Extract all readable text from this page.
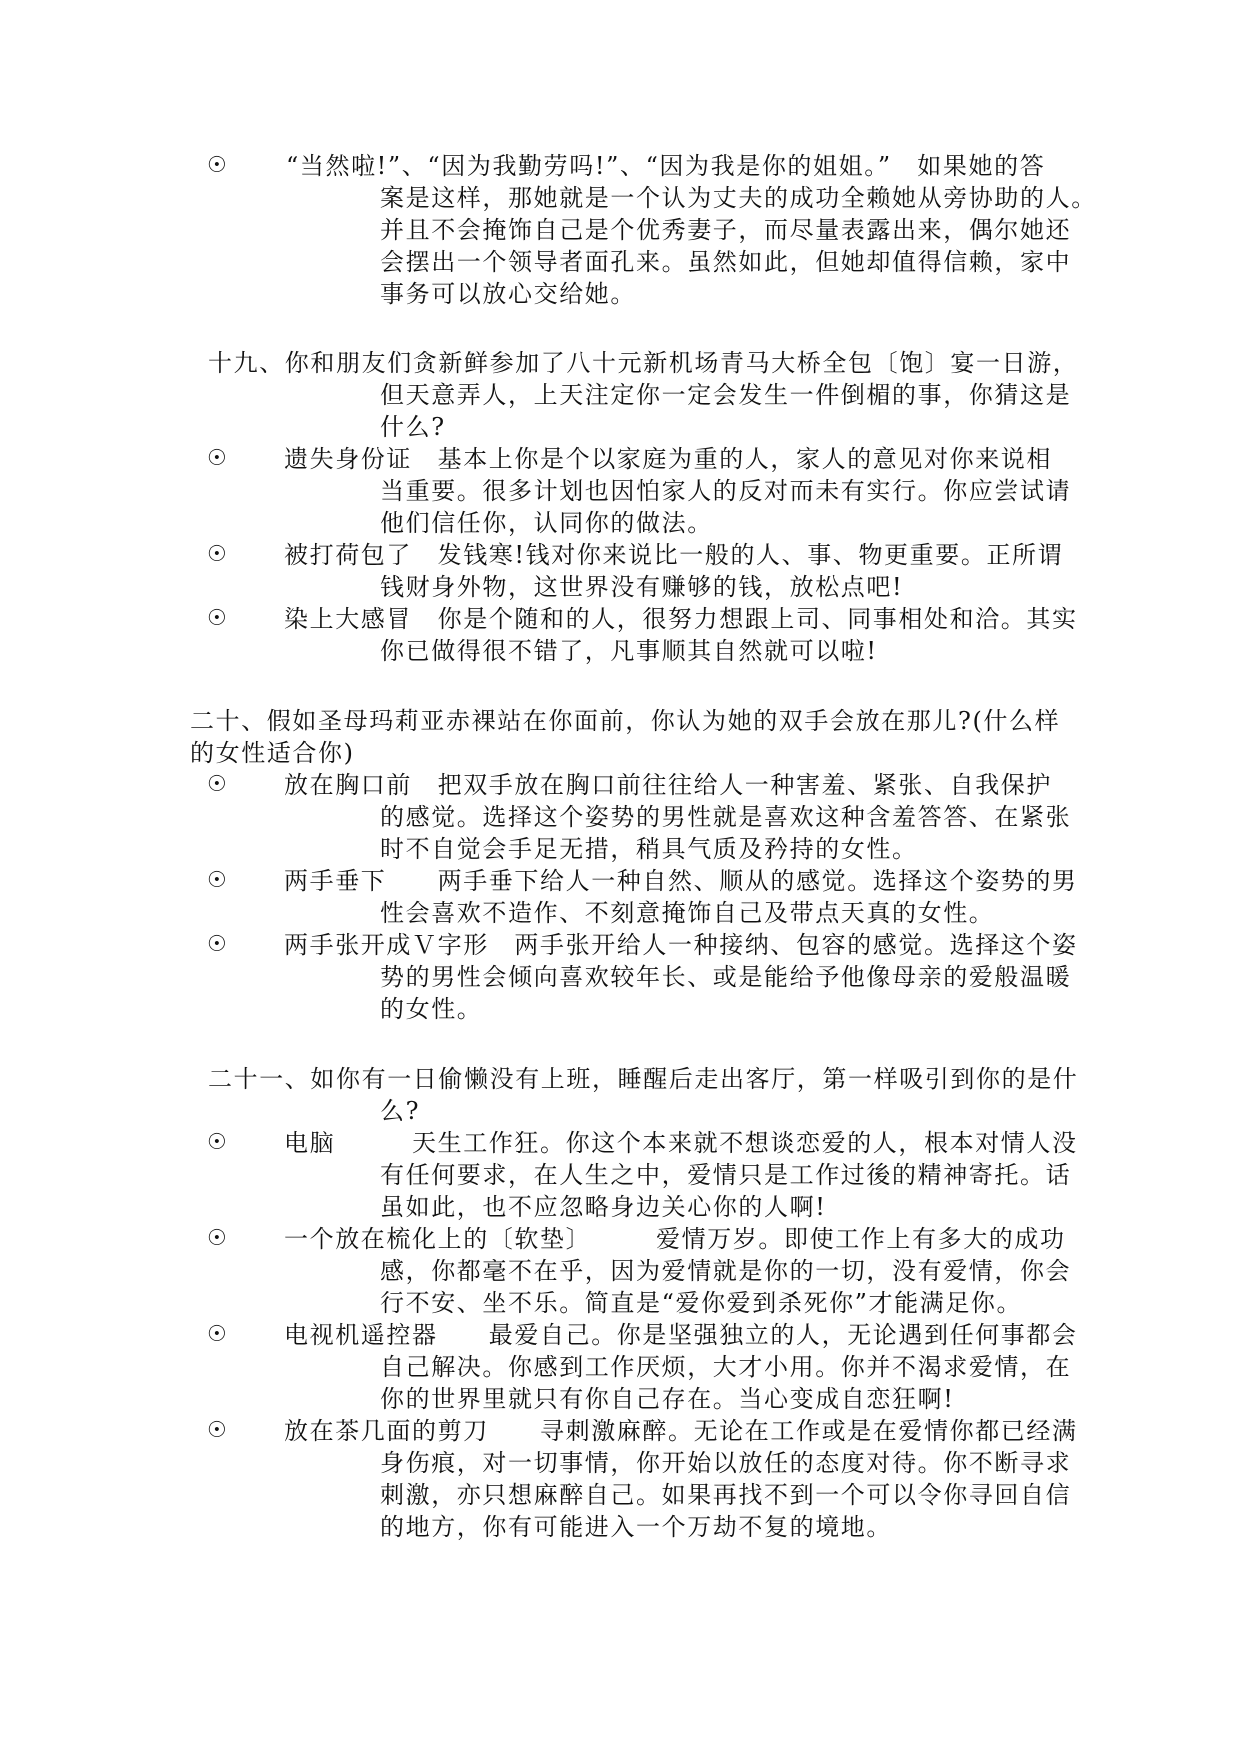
☉ “当然啦!”、“因为我勤劳吗!”、“因为我是你的姐姐。”　如果她的答

案是这样，那她就是一个认为丈夫的成功全赖她从旁协助的人。

并且不会掩饰自己是个优秀妻子，而尽量表露出来，偶尔她还

会摆出一个领导者面孔来。虽然如此，但她却值得信赖，家中

事务可以放心交给她。

十九、你和朋友们贪新鲜参加了八十元新机场青马大桥全包〔饱〕宴一日游，

但天意弄人，上天注定你一定会发生一件倒楣的事，你猜这是

什么?

☉ 遗失身份证　基本上你是个以家庭为重的人，家人的意见对你来说相

当重要。很多计划也因怕家人的反对而未有实行。你应尝试请

他们信任你，认同你的做法。

☉ 被打荷包了　发钱寒!钱对你来说比一般的人、事、物更重要。正所谓

钱财身外物，这世界没有赚够的钱，放松点吧!

☉ 染上大感冒　你是个随和的人，很努力想跟上司、同事相处和洽。其实

你已做得很不错了，凡事顺其自然就可以啦!

二十、假如圣母玛莉亚赤裸站在你面前，你认为她的双手会放在那儿?(什么样

的女性适合你)

☉ 放在胸口前　把双手放在胸口前往往给人一种害羞、紧张、自我保护

的感觉。选择这个姿势的男性就是喜欢这种含羞答答、在紧张

时不自觉会手足无措，稍具气质及矜持的女性。

☉ 两手垂下　　两手垂下给人一种自然、顺从的感觉。选择这个姿势的男

性会喜欢不造作、不刻意掩饰自己及带点天真的女性。

☉ 两手张开成Ｖ字形　两手张开给人一种接纳、包容的感觉。选择这个姿

势的男性会倾向喜欢较年长、或是能给予他像母亲的爱般温暖

的女性。

二十一、如你有一日偷懒没有上班，睡醒后走出客厅，第一样吸引到你的是什

么?

☉ 电脑　　　天生工作狂。你这个本来就不想谈恋爱的人，根本对情人没

有任何要求，在人生之中，爱情只是工作过後的精神寄托。话

虽如此，也不应忽略身边关心你的人啊!

☉ 一个放在梳化上的〔软垫〕　　　爱情万岁。即使工作上有多大的成功

感，你都毫不在乎，因为爱情就是你的一切，没有爱情，你会

行不安、坐不乐。简直是“爱你爱到杀死你”才能满足你。

☉ 电视机遥控器　　最爱自己。你是坚强独立的人，无论遇到任何事都会

自己解决。你感到工作厌烦，大才小用。你并不渴求爱情，在

你的世界里就只有你自己存在。当心变成自恋狂啊!

☉ 放在茶几面的剪刀　　寻刺激麻醉。无论在工作或是在爱情你都已经满

身伤痕，对一切事情，你开始以放任的态度对待。你不断寻求

刺激，亦只想麻醉自己。如果再找不到一个可以令你寻回自信

的地方，你有可能进入一个万劫不复的境地。
